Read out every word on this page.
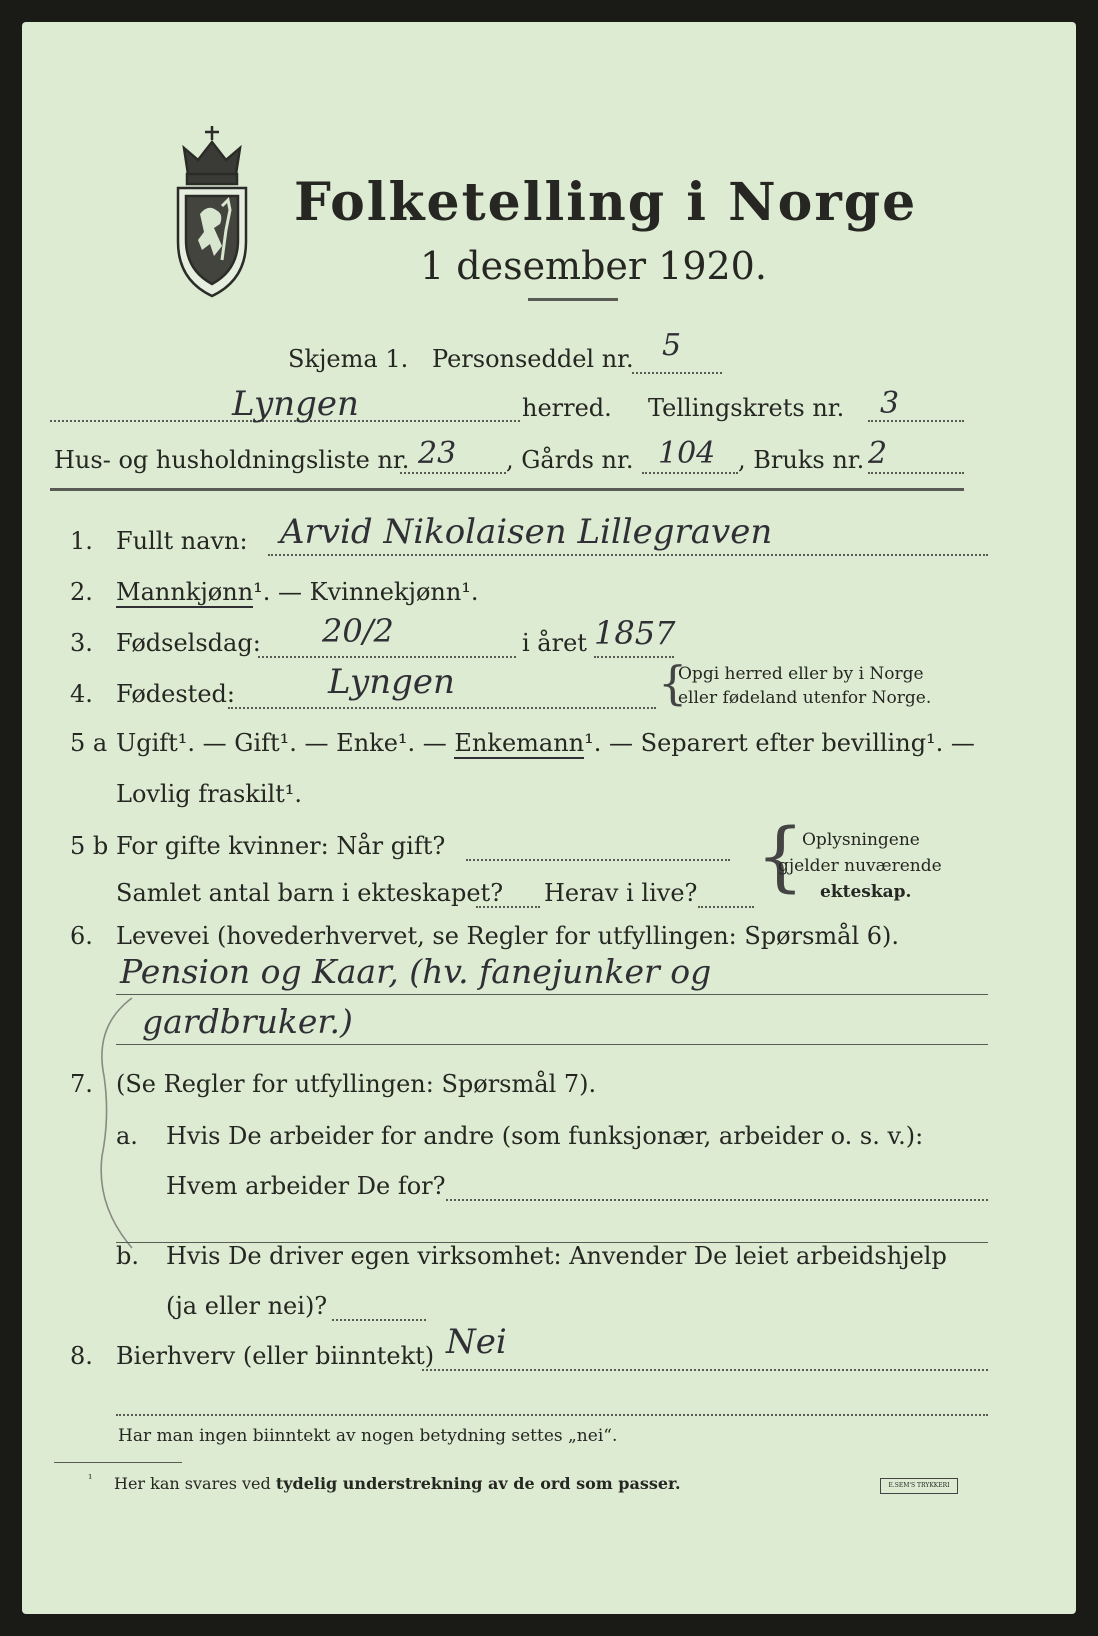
Folketelling i Norge
1 desember 1920.
Skjema 1. Personseddel nr. 5
Lyngen	herred. Tellingskrets nr. 3
Hus- og husholdningsliste nr. 23 , Gårds nr. 104 , Bruks nr. 2
1. Fullt navn: Arvid Nikolaisen Lillegraven
2. Mannkjønn¹. — Kvinnekjønn¹.
3. Fødselsdag: 20/2	i året 1857
4. Fødested:	Lyngen	{
Opgi herred eller by i Norge
eller fødeland utenfor Norge.
5 a Ugift¹. — Gift¹. — Enke¹. — Enkemann¹. — Separert efter bevilling¹. —
Lovlig fraskilt¹.
5 b For gifte kvinner: Når gift?
Samlet antal barn i ekteskapet? Herav i live? {
Oplysningene
gjelder nuværende
ekteskap.
6. Levevei (hovederhvervet, se Regler for utfyllingen: Spørsmål 6).
Pension og Kaar, (hv. fanejunker og
gardbruker.)
7. (Se Regler for utfyllingen: Spørsmål 7).
a. Hvis De arbeider for andre (som funksjonær, arbeider o. s. v.):
Hvem arbeider De for?
b. Hvis De driver egen virksomhet: Anvender De leiet arbeidshjelp
(ja eller nei)?
8. Bierhverv (eller biinntekt) Nei
Har man ingen biinntekt av nogen betydning settes „nei“.
¹ Her kan svares ved tydelig understrekning av de ord som passer.	E.SEM'S TRYKKERI
